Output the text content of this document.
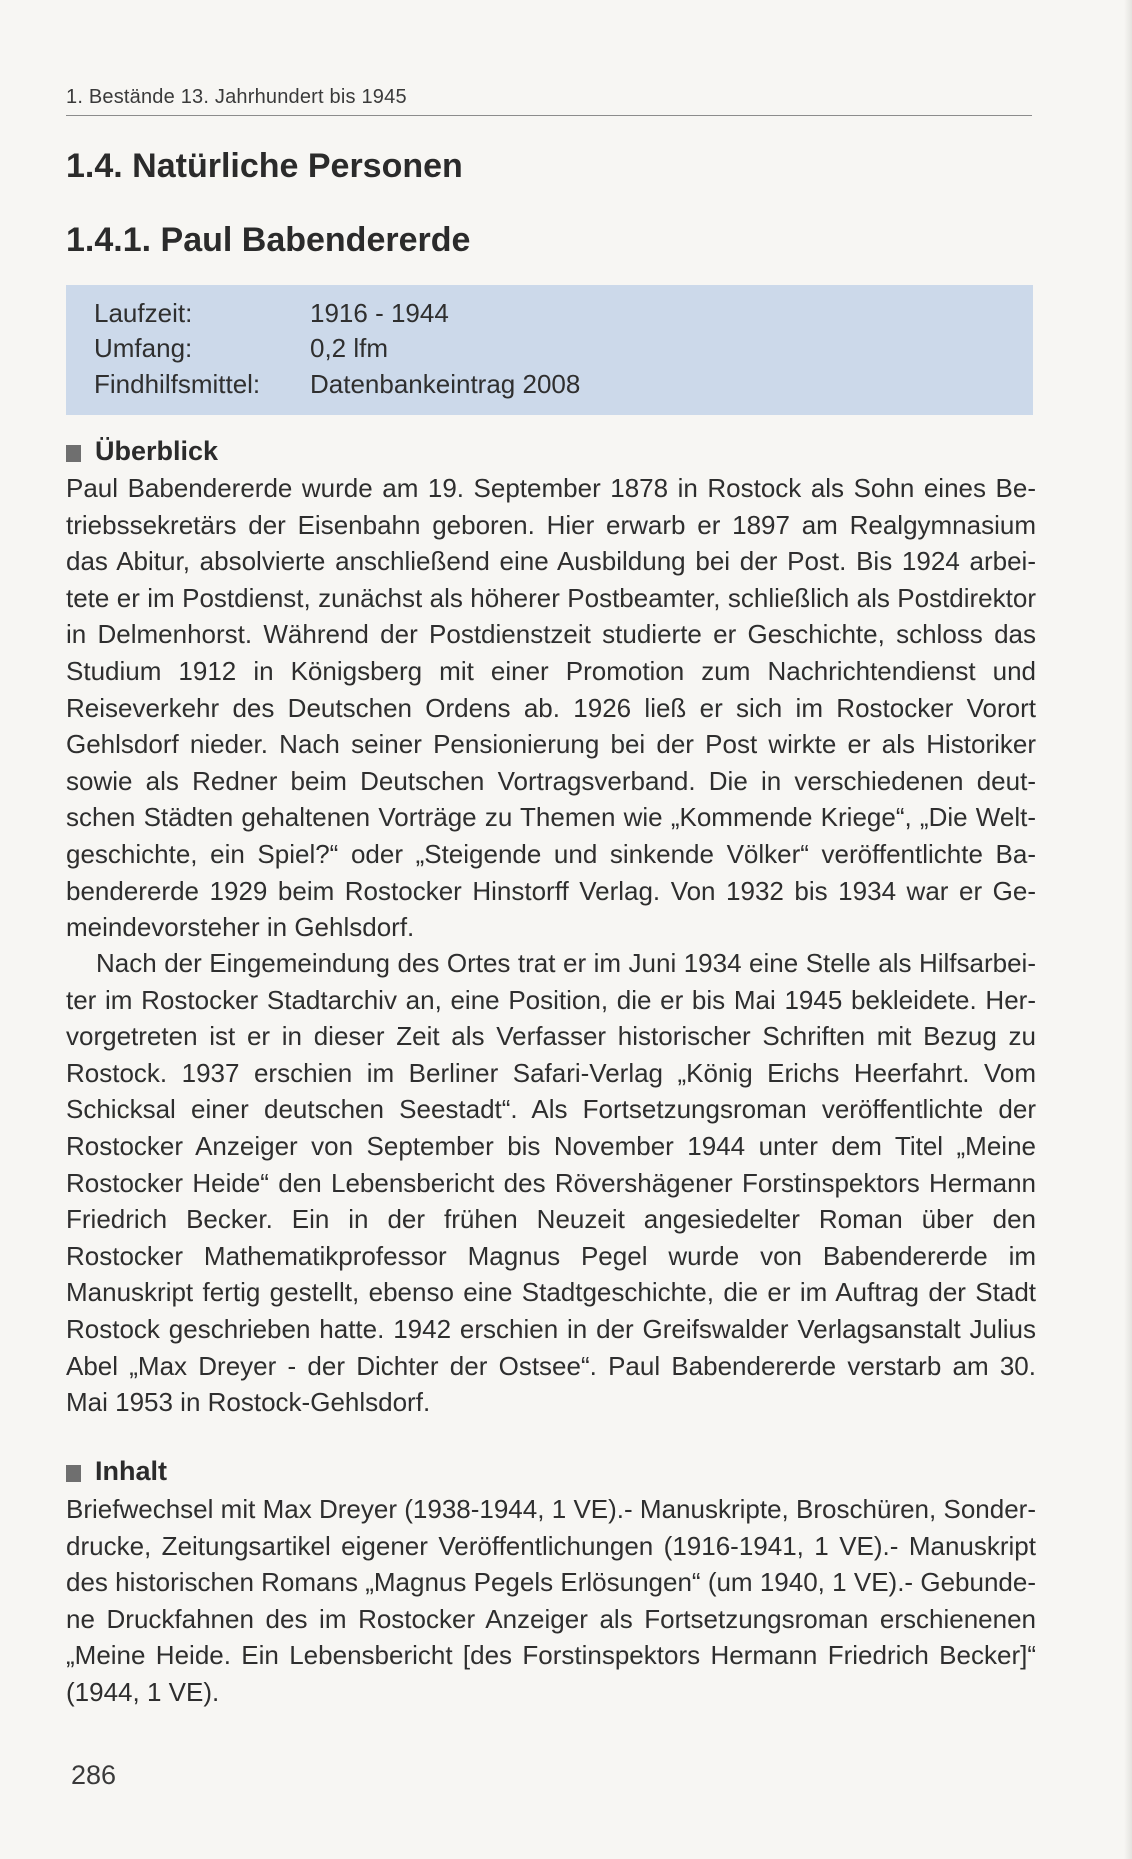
1. Bestände 13. Jahrhundert bis 1945
1.4. Natürliche Personen
1.4.1. Paul Babendererde
Laufzeit:	1916 - 1944
Umfang:	0,2 lfm
Findhilfsmittel: Datenbankeintrag 2008
Überblick

Paul Babendererde wurde am 19. September 1878 in Rostock als Sohn eines Betriebssekretärs der Eisenbahn geboren. Hier erwarb er 1897 am Realgymnasium das Abitur, absolvierte anschließend eine Ausbildung bei der Post. Bis 1924 arbeitete er im Postdienst, zunächst als höherer Postbeamter, schließlich als Postdirektor in Delmenhorst. Während der Postdienstzeit studierte er Geschichte, schloss das Studium 1912 in Königsberg mit einer Promotion zum Nachrichtendienst und Reiseverkehr des Deutschen Ordens ab. 1926 ließ er sich im Rostocker Vorort Gehlsdorf nieder. Nach seiner Pensionierung bei der Post wirkte er als Historiker sowie als Redner beim Deutschen Vortragsverband. Die in verschiedenen deutschen Städten gehaltenen Vorträge zu Themen wie „Kommende Kriege“, „Die Weltgeschichte, ein Spiel?“ oder „Steigende und sinkende Völker“ veröffentlichte Babendererde 1929 beim Rostocker Hinstorff Verlag. Von 1932 bis 1934 war er Gemeindevorsteher in Gehlsdorf.

Nach der Eingemeindung des Ortes trat er im Juni 1934 eine Stelle als Hilfsarbeiter im Rostocker Stadtarchiv an, eine Position, die er bis Mai 1945 bekleidete. Hervorgetreten ist er in dieser Zeit als Verfasser historischer Schriften mit Bezug zu Rostock. 1937 erschien im Berliner Safari-Verlag „König Erichs Heerfahrt. Vom Schicksal einer deutschen Seestadt“. Als Fortsetzungsroman veröffentlichte der Rostocker Anzeiger von September bis November 1944 unter dem Titel „Meine Rostocker Heide“ den Lebensbericht des Rövershägener Forstinspektors Hermann Friedrich Becker. Ein in der frühen Neuzeit angesiedelter Roman über den Rostocker Mathematikprofessor Magnus Pegel wurde von Babendererde im Manuskript fertig gestellt, ebenso eine Stadtgeschichte, die er im Auftrag der Stadt Rostock geschrieben hatte. 1942 erschien in der Greifswalder Verlagsanstalt Julius Abel „Max Dreyer - der Dichter der Ostsee“. Paul Babendererde verstarb am 30. Mai 1953 in Rostock-Gehlsdorf.

Inhalt

Briefwechsel mit Max Dreyer (1938-1944, 1 VE).- Manuskripte, Broschüren, Sonderdrucke, Zeitungsartikel eigener Veröffentlichungen (1916-1941, 1 VE).- Manuskript des historischen Romans „Magnus Pegels Erlösungen“ (um 1940, 1 VE).- Gebundene Druckfahnen des im Rostocker Anzeiger als Fortsetzungsroman erschienenen „Meine Heide. Ein Lebensbericht [des Forstinspektors Hermann Friedrich Becker]“ (1944, 1 VE).

286
